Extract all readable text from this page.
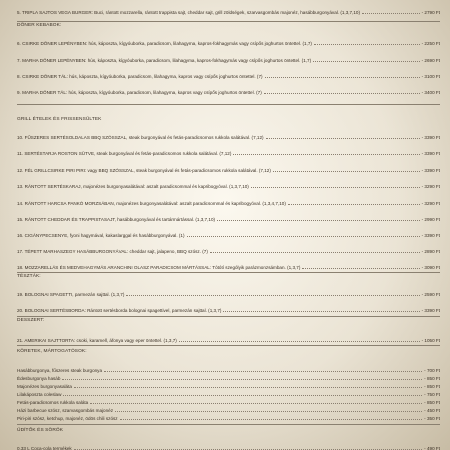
5. TRIPLA SAJTOS VEGA BURGER: Buci, rántott mozzarella, rántott trappista sajt, cheddar sajt, grill zöldségek, szarvasgombás majonéz, hasábburgonyával. (1,3,7,10)	- 2790 Ft
DÖNER KEBABOK:
6. CSIRKE DÖNER LEPÉNYBEN: hús, káposzta, kígyóuborka, paradicsom, lilahagyma, kapros-fokhagymás vagy csípős joghurtos öntettel. (1,7)	- 2250 Ft
7. MARHA DÖNER LEPÉNYBEN: hús, káposzta, kígyóuborka, paradicsom, lilahagyma, kapros-fokhagymás vagy csípős joghurtos öntettel. (1,7)	- 2690 Ft
8. CSIRKE DÖNER TÁL: hús, káposzta, kígyóuborka, paradicsom, lilahagyma, kapros vagy csípős joghurtos öntettel. (7)	- 3100 Ft
9. MARHA DÖNER TÁL: hús, káposzta, kígyóuborka, paradicsom, lilahagyma, kapros vagy csípős joghurtos öntettel. (7)	- 3400 Ft
GRILL ÉTELEK ÉS FRISSENSÜLTEK
10. FŰSZERES SERTÉSOLDALAS BBQ SZÓSSZAL, steak burgonyával és fetás-paradicsomos rukkola salátával. (7,12)	- 3390 Ft
11. SERTÉSTARJA ROSTON SÜTVE, steak burgonyával és fetás-paradicsomos rukkola salátával. (7,12)	- 3390 Ft
12. FÉL GRILLCSIRKE PIRI PIRI: vagy BBQ SZÓSSZAL, steak burgonyával és fetás-paradicsomos rukkola salátával. (7,12)	- 3390 Ft
13. RÁNTOTT SERTÉSKARAJ, majonézes burgonyasalátával: aszalt paradicsommal és kapribogyóval. (1,3,7,10)	- 3290 Ft
14. RÁNTOTT HARCSA PANKÓ MORZSÁBAN, majonézes burgonyasalátával: aszalt paradicsommal és kapribogyóval. (1,3,4,7,10)	- 3290 Ft
15. RÁNTOTT CHEDDAR ÉS TRAPPISTASAJT, hasábburgonyával és tartármártással. (1,3,7,10)	- 2990 Ft
16. CIGÁNYPECSENYE, fyoni hagymával, kakaslarggal és hasábburgonyával. (1)	- 3390 Ft
17. TÉPETT MARHASZEGY HASÁBBURGONYÁVAL: cheddar sajt, jalapeno, BBQ szósz. (7)	- 2890 Ft
18. MOZZARELLÁS ÉS MEDVEHAGYMÁS ARANCHINI OLASZ PARADICSOM MÁRTÁSSAL: Tótótí szególyik parázmonzsámban. (1,3,7)	- 3090 Ft
TÉSZTÁK:
19. BOLOGNAI SPAGETTI, parmezán sajttal. (1,3,7)	- 2590 Ft
20. BOLOGNAI SERTÉSBORDA: Rántott sertésborda bolognai spagettivel, parmezán sajttal. (1,3,7)	- 3390 Ft
DESSZERT:
21. AMERIKAI SAJTTORTA: csoki, karamell, áfonya vagy eper öntettel. (1,3,7)	- 1050 Ft
KÖRETEK, MÁRTOGATÓSOK:
Hasábburgonya, fűszeres steak burgonya	- 700 Ft
Édesburgonya hasáb	- 850 Ft
Majonézes burgonyasaláta	- 850 Ft
Lilakáposzta coleslaw	- 750 Ft
Fetás-paradicsomos rukkola saláta	- 850 Ft
Házi barbecue szósz, szarvasgombás majonéz	- 450 Ft
Piri-piri szósz, ketchup, majonéz, ödös chili szósz	- 350 Ft
ÜDÍTŐK ÉS SÖRÖK
0,33 L Coca-cola termékek	- 490 Ft
